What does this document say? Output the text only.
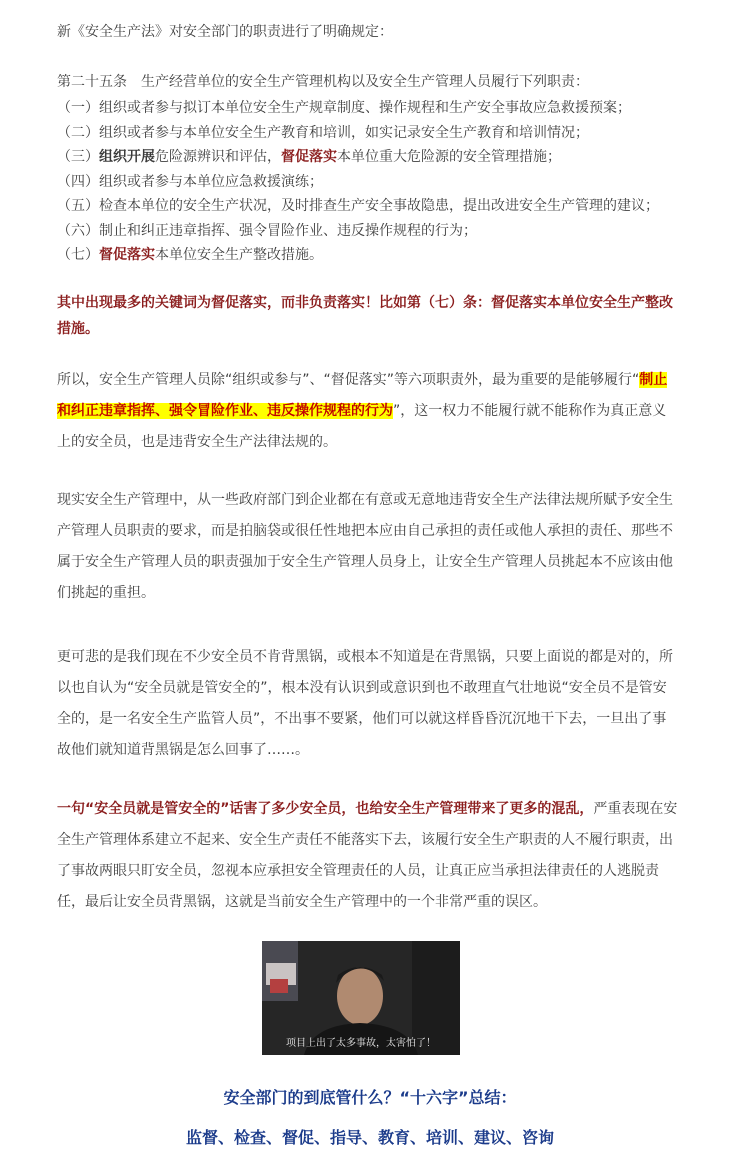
新《安全生产法》对安全部门的职责进行了明确规定：

第二十五条　生产经营单位的安全生产管理机构以及安全生产管理人员履行下列职责：

（一）组织或者参与拟订本单位安全生产规章制度、操作规程和生产安全事故应急救援预案；

（二）组织或者参与本单位安全生产教育和培训，如实记录安全生产教育和培训情况；

（三）组织开展危险源辨识和评估，督促落实本单位重大危险源的安全管理措施；

（四）组织或者参与本单位应急救援演练；

（五）检查本单位的安全生产状况，及时排查生产安全事故隐患，提出改进安全生产管理的建议；

（六）制止和纠正违章指挥、强令冒险作业、违反操作规程的行为；

（七）督促落实本单位安全生产整改措施。

其中出现最多的关键词为督促落实，而非负责落实！比如第（七）条：督促落实本单位安全生产整改措施。

所以，安全生产管理人员除“组织或参与”、“督促落实”等六项职责外，最为重要的是能够履行“制止和纠正违章指挥、强令冒险作业、违反操作规程的行为”，这一权力不能履行就不能称作为真正意义上的安全员，也是违背安全生产法律法规的。

现实安全生产管理中，从一些政府部门到企业都在有意或无意地违背安全生产法律法规所赋予安全生产管理人员职责的要求，而是拍脑袋或很任性地把本应由自己承担的责任或他人承担的责任、那些不属于安全生产管理人员的职责强加于安全生产管理人员身上，让安全生产管理人员挑起本不应该由他们挑起的重担。

更可悲的是我们现在不少安全员不肯背黑锅，或根本不知道是在背黑锅，只要上面说的都是对的，所以也自认为“安全员就是管安全的”，根本没有认识到或意识到也不敢理直气壮地说“安全员不是管安全的，是一名安全生产监管人员”，不出事不要紧，他们可以就这样昏昏沉沉地干下去，一旦出了事故他们就知道背黑锅是怎么回事了……。

一句“安全员就是管安全的”话害了多少安全员，也给安全生产管理带来了更多的混乱，严重表现在安全生产管理体系建立不起来、安全生产责任不能落实下去，该履行安全生产职责的人不履行职责，出了事故两眼只盯安全员，忽视本应承担安全管理责任的人员，让真正应当承担法律责任的人逃脱责任，最后让安全员背黑锅，这就是当前安全生产管理中的一个非常严重的误区。

项目上出了太多事故，太害怕了！
安全部门的到底管什么？“十六字”总结：
监督、检查、督促、指导、教育、培训、建议、咨询
